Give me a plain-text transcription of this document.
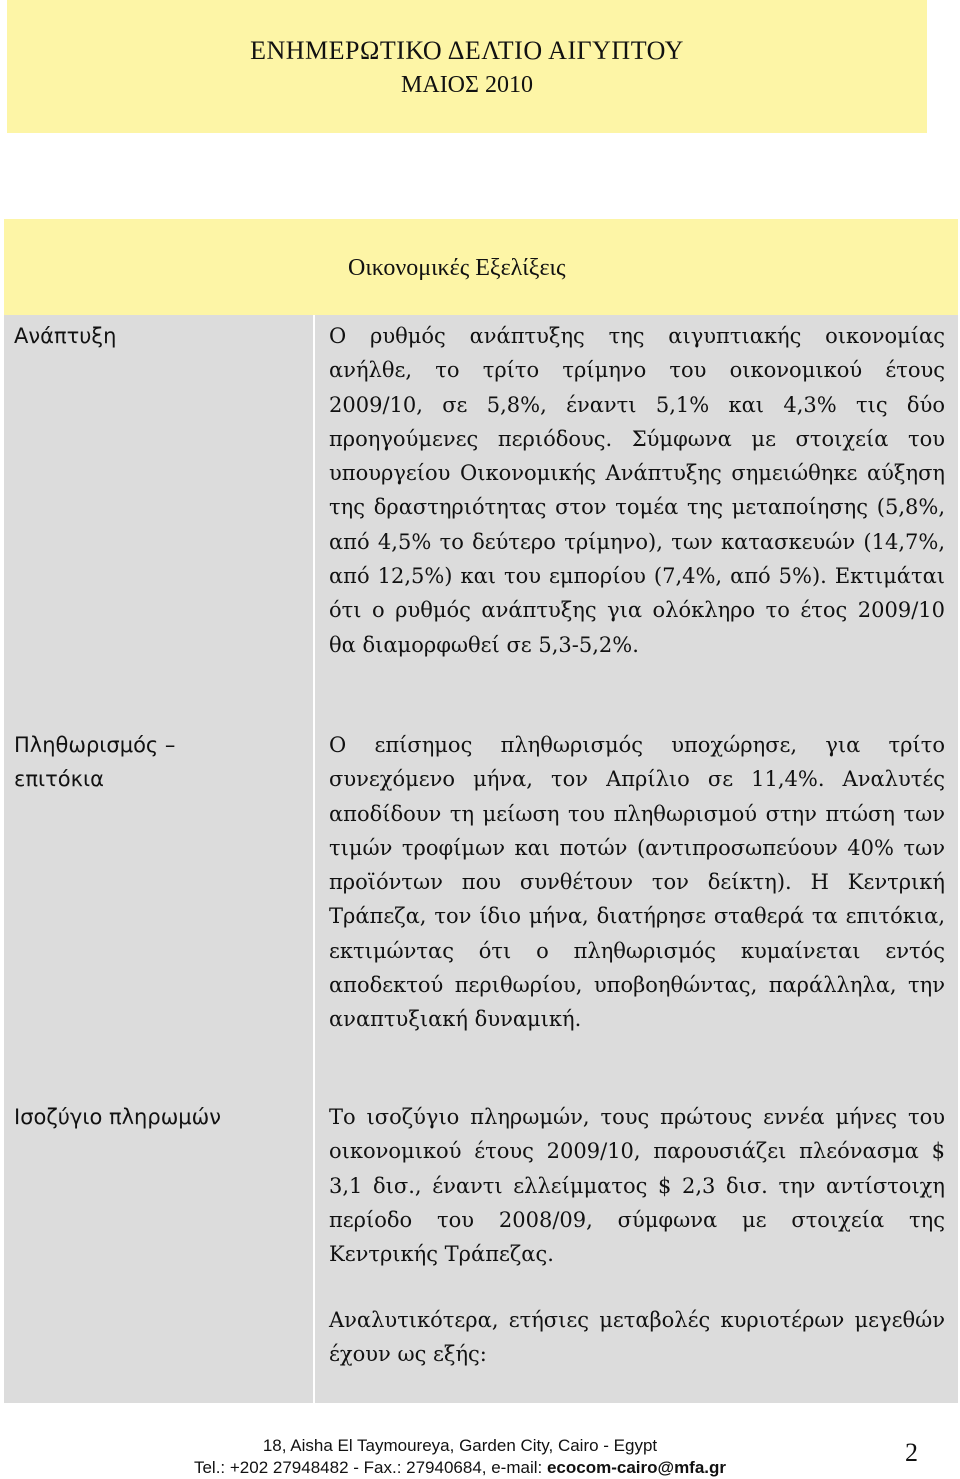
ΕΝΗΜΕΡΩΤΙΚΟ ΔΕΛΤΙΟ ΑΙΓΥΠΤΟΥ
ΜΑΙΟΣ 2010
Οικονομικές Εξελίξεις
Ανάπτυξη
Πληθωρισμός –
επιτόκια
Ισοζύγιο πληρωμών
Ο ρυθμός ανάπτυξης της αιγυπτιακής οικονομίας ανήλθε, το τρίτο τρίμηνο του οικονομικού έτους 2009/10, σε 5,8%, έναντι 5,1% και 4,3% τις δύο προηγούμενες περιόδους. Σύμφωνα με στοιχεία του υπουργείου Οικονομικής Ανάπτυξης σημειώθηκε αύξηση της δραστηριότητας στον τομέα της μεταποίησης (5,8%, από 4,5% το δεύτερο τρίμηνο), των κατασκευών (14,7%, από 12,5%) και του εμπορίου (7,4%, από 5%). Εκτιμάται ότι ο ρυθμός ανάπτυξης για ολόκληρο το έτος 2009/10 θα διαμορφωθεί σε 5,3-5,2%.
Ο επίσημος πληθωρισμός υποχώρησε, για τρίτο συνεχόμενο μήνα, τον Απρίλιο σε 11,4%. Αναλυτές αποδίδουν τη μείωση του πληθωρισμού στην πτώση των τιμών τροφίμων και ποτών (αντιπροσωπεύουν 40% των προϊόντων που συνθέτουν τον δείκτη). Η Κεντρική Τράπεζα, τον ίδιο μήνα, διατήρησε σταθερά τα επιτόκια, εκτιμώντας ότι ο πληθωρισμός κυμαίνεται εντός αποδεκτού περιθωρίου, υποβοηθώντας, παράλληλα, την αναπτυξιακή δυναμική.
Το ισοζύγιο πληρωμών, τους πρώτους εννέα μήνες του οικονομικού έτους 2009/10, παρουσιάζει πλεόνασμα $ 3,1 δισ., έναντι ελλείμματος $ 2,3 δισ. την αντίστοιχη περίοδο του 2008/09, σύμφωνα με στοιχεία της Κεντρικής Τράπεζας.
Αναλυτικότερα, ετήσιες μεταβολές κυριοτέρων μεγεθών έχουν ως εξής:
18, Aisha El Taymoureya, Garden City, Cairo - Egypt
Tel.: +202 27948482 - Fax.: 27940684, e-mail: ecocom-cairo@mfa.gr
2
